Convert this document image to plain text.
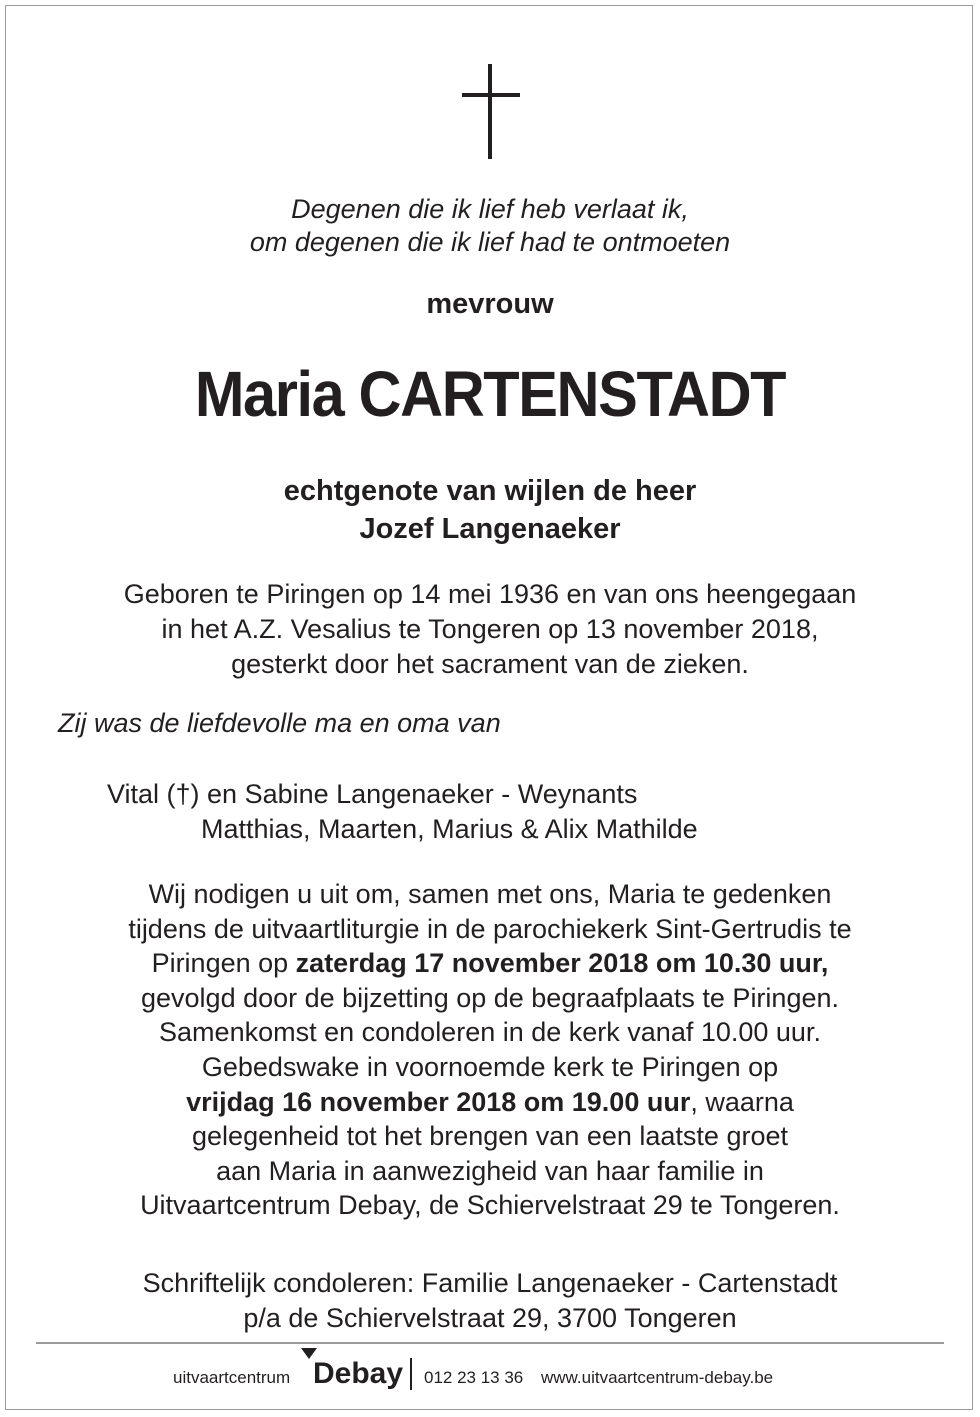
Degenen die ik lief heb verlaat ik,
om degenen die ik lief had te ontmoeten
mevrouw
Maria CARTENSTADT
echtgenote van wijlen de heer
Jozef Langenaeker
Geboren te Piringen op 14 mei 1936 en van ons heengegaan
in het A.Z. Vesalius te Tongeren op 13 november 2018,
gesterkt door het sacrament van de zieken.
Zij was de liefdevolle ma en oma van
Vital (†) en Sabine Langenaeker - Weynants
Matthias, Maarten, Marius & Alix Mathilde
Wij nodigen u uit om, samen met ons, Maria te gedenken
tijdens de uitvaartliturgie in de parochiekerk Sint-Gertrudis te
Piringen op zaterdag 17 november 2018 om 10.30 uur,
gevolgd door de bijzetting op de begraafplaats te Piringen.
Samenkomst en condoleren in de kerk vanaf 10.00 uur.
Gebedswake in voornoemde kerk te Piringen op
vrijdag 16 november 2018 om 19.00 uur, waarna
gelegenheid tot het brengen van een laatste groet
aan Maria in aanwezigheid van haar familie in
Uitvaartcentrum Debay, de Schiervelstraat 29 te Tongeren.
Schriftelijk condoleren: Familie Langenaeker - Cartenstadt
p/a de Schiervelstraat 29, 3700 Tongeren
uitvaartcentrum Debay 012 23 13 36 www.uitvaartcentrum-debay.be
